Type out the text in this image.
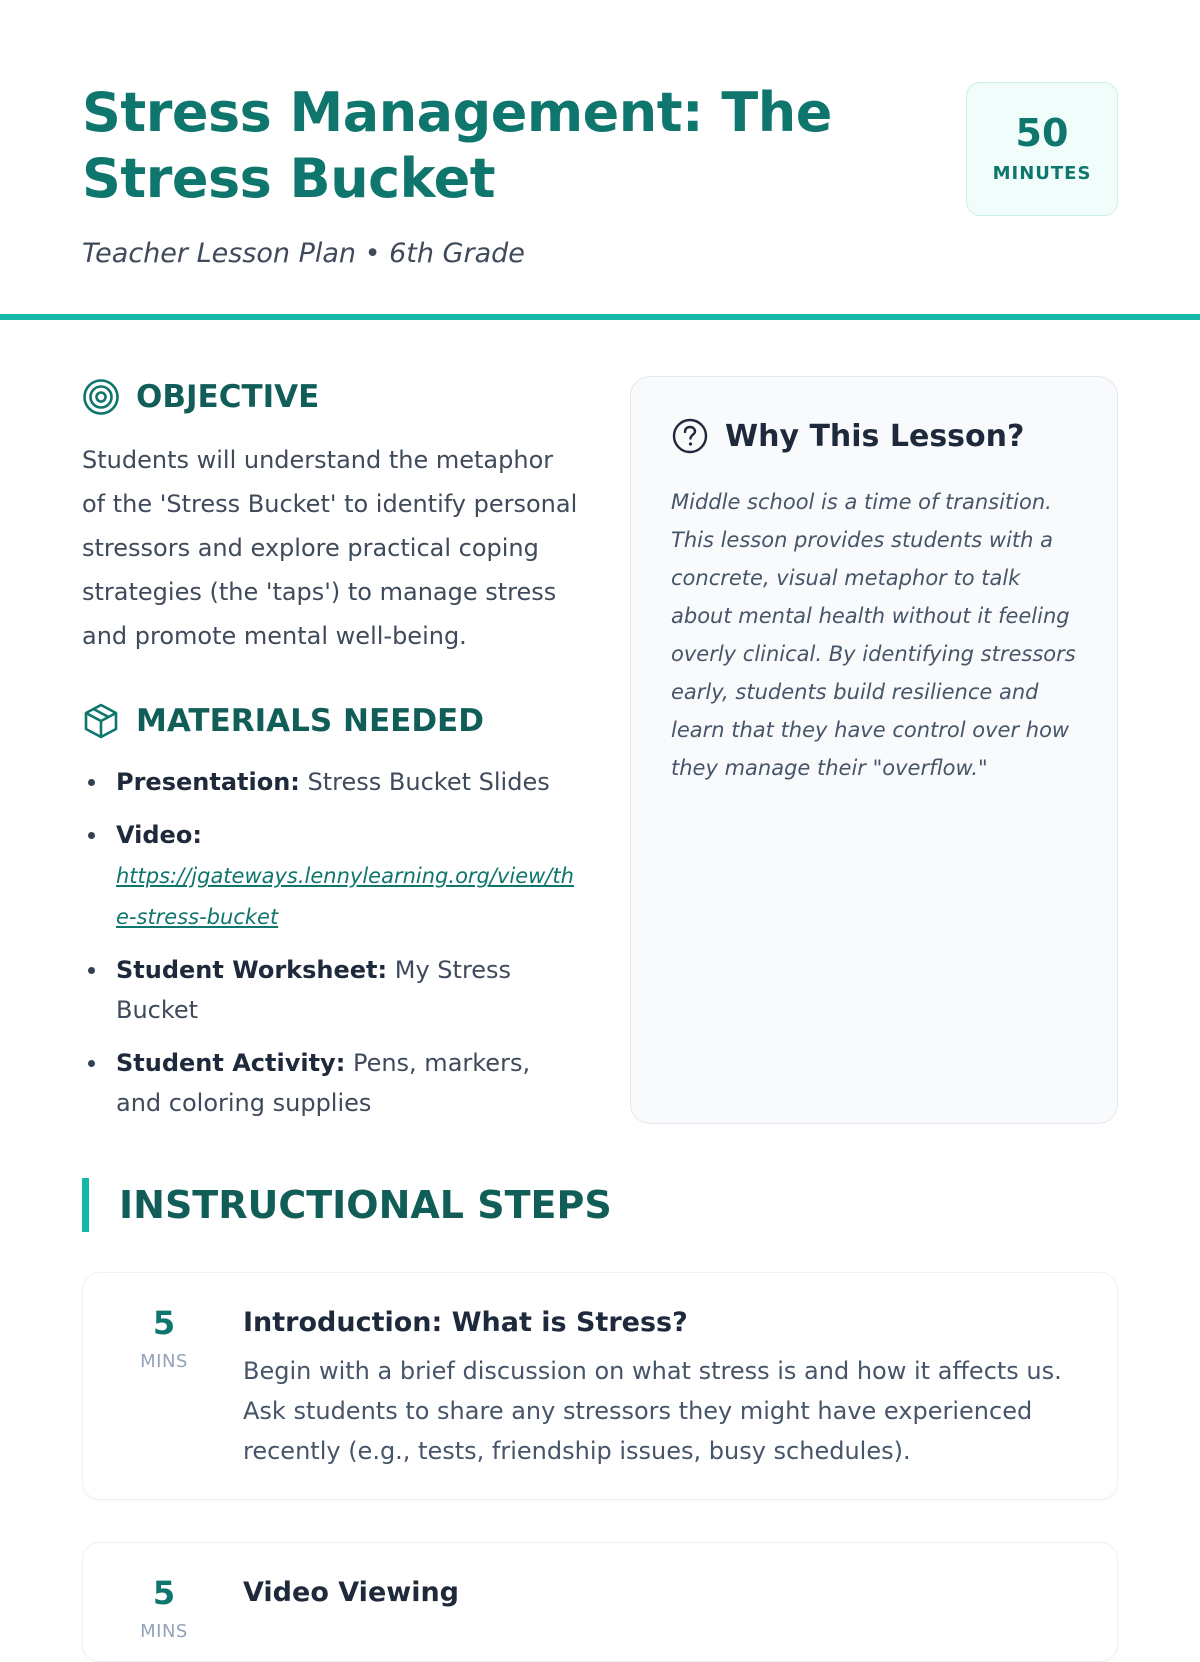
Stress Management: The Stress Bucket

Teacher Lesson Plan • 6th Grade

50
MINUTES
OBJECTIVE

Students will understand the metaphor of the 'Stress Bucket' to identify personal stressors and explore practical coping strategies (the 'taps') to manage stress and promote mental well-being.

MATERIALS NEEDED
Presentation: Stress Bucket Slides
Video:
https://jgateways.lennylearning.org/view/the-stress-bucket
Student Worksheet: My Stress Bucket
Student Activity: Pens, markers, and coloring supplies
Why This Lesson?

Middle school is a time of transition. This lesson provides students with a concrete, visual metaphor to talk about mental health without it feeling overly clinical. By identifying stressors early, students build resilience and learn that they have control over how they manage their "overflow."

INSTRUCTIONAL STEPS
5
MINS
Introduction: What is Stress?

Begin with a brief discussion on what stress is and how it affects us. Ask students to share any stressors they might have experienced recently (e.g., tests, friendship issues, busy schedules).

5
MINS
Video Viewing
